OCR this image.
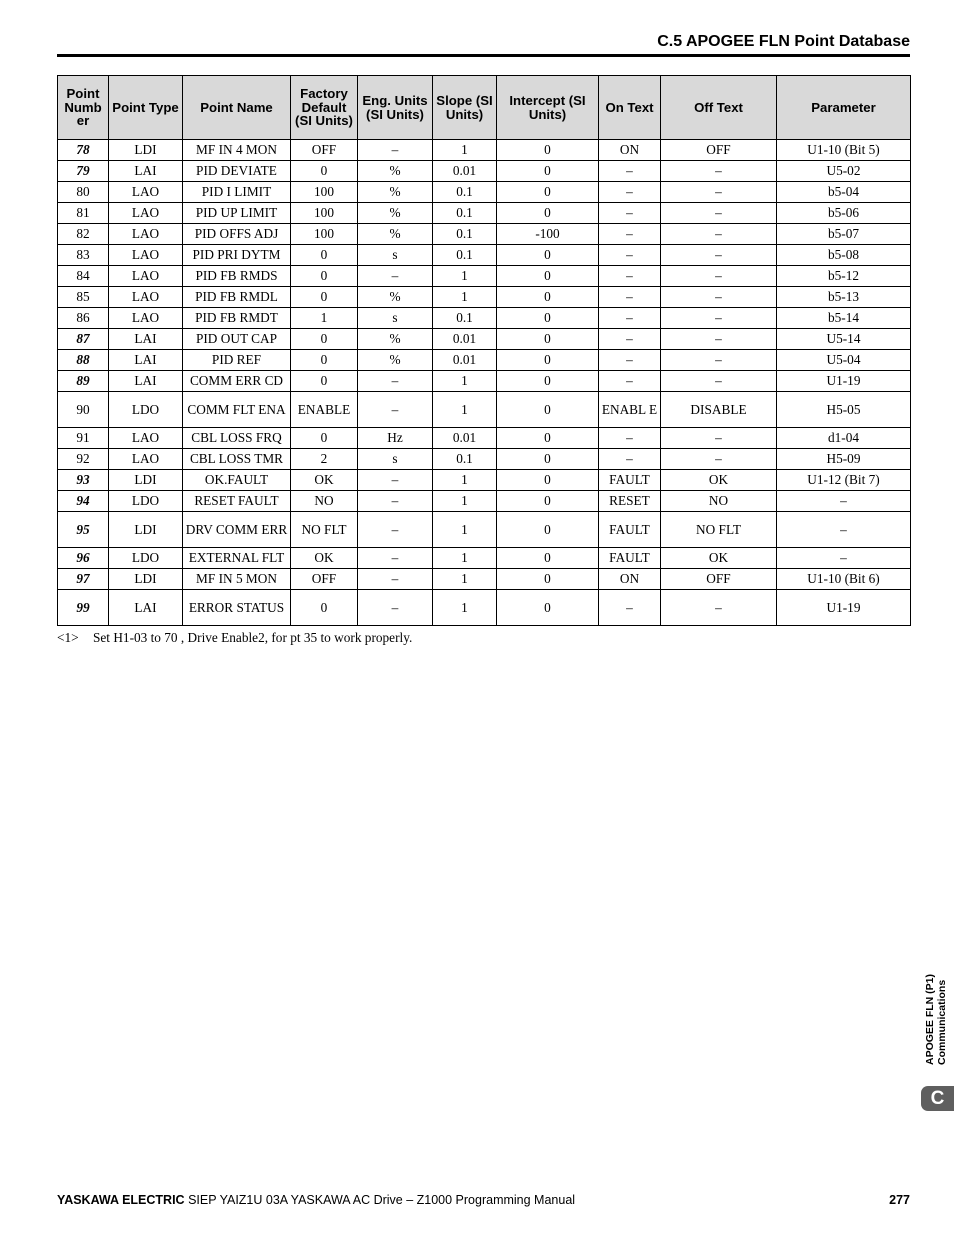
C.5 APOGEE FLN Point Database
Point Numb er	Point Type	Point Name	Factory Default (SI Units)	Eng. Units (SI Units)	Slope (SI Units)	Intercept (SI Units)	On Text	Off Text	Parameter
78	LDI	MF IN 4 MON	OFF	–	1	0	ON	OFF	U1-10 (Bit 5)
79	LAI	PID DEVIATE	0	%	0.01	0	–	–	U5-02
80	LAO	PID I LIMIT	100	%	0.1	0	–	–	b5-04
81	LAO	PID UP LIMIT	100	%	0.1	0	–	–	b5-06
82	LAO	PID OFFS ADJ	100	%	0.1	-100	–	–	b5-07
83	LAO	PID PRI DYTM	0	s	0.1	0	–	–	b5-08
84	LAO	PID FB RMDS	0	–	1	0	–	–	b5-12
85	LAO	PID FB RMDL	0	%	1	0	–	–	b5-13
86	LAO	PID FB RMDT	1	s	0.1	0	–	–	b5-14
87	LAI	PID OUT CAP	0	%	0.01	0	–	–	U5-14
88	LAI	PID REF	0	%	0.01	0	–	–	U5-04
89	LAI	COMM ERR CD	0	–	1	0	–	–	U1-19
90	LDO	COMM FLT ENA	ENABLE	–	1	0	ENABL E	DISABLE	H5-05
91	LAO	CBL LOSS FRQ	0	Hz	0.01	0	–	–	d1-04
92	LAO	CBL LOSS TMR	2	s	0.1	0	–	–	H5-09
93	LDI	OK.FAULT	OK	–	1	0	FAULT	OK	U1-12 (Bit 7)
94	LDO	RESET FAULT	NO	–	1	0	RESET	NO	–
95	LDI	DRV COMM ERR	NO FLT	–	1	0	FAULT	NO FLT	–
96	LDO	EXTERNAL FLT	OK	–	1	0	FAULT	OK	–
97	LDI	MF IN 5 MON	OFF	–	1	0	ON	OFF	U1-10 (Bit 6)
99	LAI	ERROR STATUS	0	–	1	0	–	–	U1-19
<1> Set H1-03 to 70 , Drive Enable2, for pt 35 to work properly.
APOGEE FLN (P1) Communications
C
YASKAWA ELECTRIC SIEP YAIZ1U 03A YASKAWA AC Drive – Z1000 Programming Manual	277
